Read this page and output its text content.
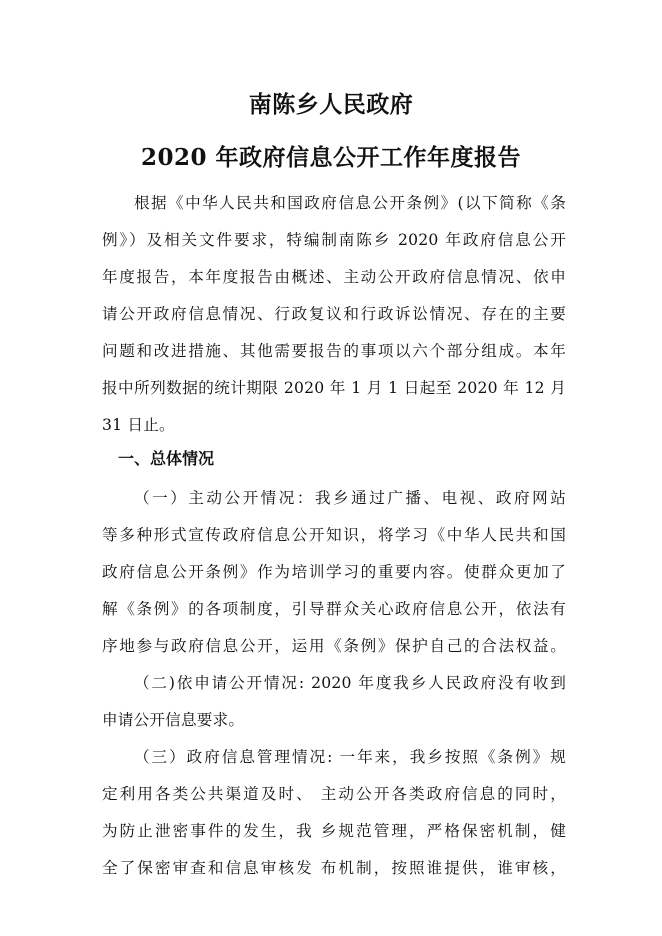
南陈乡人民政府
2020 年政府信息公开工作年度报告
根据《中华人民共和国政府信息公开条例》(以下简称《条
例》）及相关文件要求，特编制南陈乡 2020 年政府信息公开
年度报告，本年度报告由概述、主动公开政府信息情况、依申
请公开政府信息情况、行政复议和行政诉讼情况、存在的主要
问题和改进措施、其他需要报告的事项以六个部分组成。本年
报中所列数据的统计期限 2020 年 1 月 1 日起至 2020 年 12 月
31 日止。
一、总体情况
（一）主动公开情况：我乡通过广播、电视、政府网站
等多种形式宣传政府信息公开知识，将学习《中华人民共和国
政府信息公开条例》作为培训学习的重要内容。使群众更加了
解《条例》的各项制度，引导群众关心政府信息公开，依法有
序地参与政府信息公开，运用《条例》保护自己的合法权益。
（二)依申请公开情况: 2020 年度我乡人民政府没有收到
申请公开信息要求。
（三）政府信息管理情况: 一年来，我乡按照《条例》规
定利用各类公共渠道及时、 主动公开各类政府信息的同时，
为防止泄密事件的发生，我 乡规范管理，严格保密机制，健
全了保密审查和信息审核发 布机制，按照谁提供，谁审核，
